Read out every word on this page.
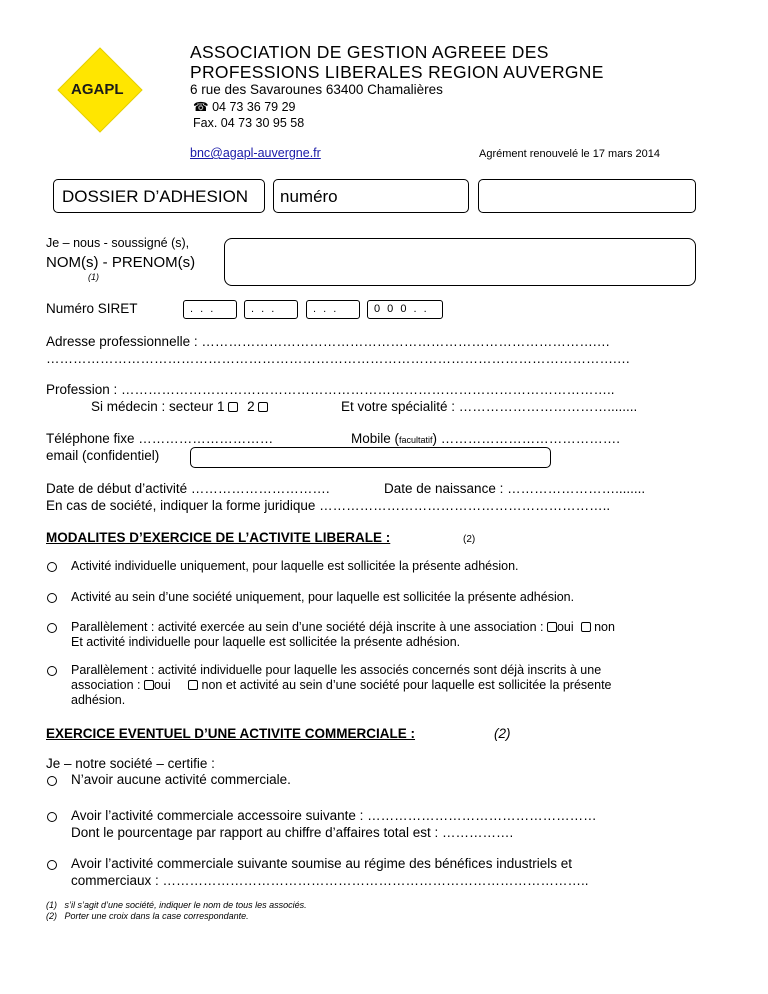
AGAPL
ASSOCIATION DE GESTION AGREEE DES
PROFESSIONS LIBERALES REGION AUVERGNE
6 rue des Savarounes 63400 Chamalières
☎ 04 73 36 79 29
Fax. 04 73 30 95 58
bnc@agapl-auvergne.fr	Agrément renouvelé le 17 mars 2014
DOSSIER D’ADHESION numéro
Je – nous - soussigné (s),
NOM(s) - PRENOM(s)
(1)
Numéro SIRET	. . .	. . .	. . .	0 0 0 . .
Adresse professionnelle : …………………………………………………………………………….…
……………………………………………………………………………………………………………….…
Profession : ………………………………………………………………………………………………..
Si médecin : secteur 1 2	Et votre spécialité : ……………………………........
Téléphone fixe …………………………	Mobile (facultatif) ………………………………….
email (confidentiel)
Date de début d’activité ………………………….	Date de naissance : ……………………........
En cas de société, indiquer la forme juridique ………………………………………………………..
MODALITES D’EXERCICE DE L’ACTIVITE LIBERALE :	(2)
Activité individuelle uniquement, pour laquelle est sollicitée la présente adhésion.
Activité au sein d’une société uniquement, pour laquelle est sollicitée la présente adhésion.
Parallèlement : activité exercée au sein d’une société déjà inscrite à une association : oui non
Et activité individuelle pour laquelle est sollicitée la présente adhésion.
Parallèlement : activité individuelle pour laquelle les associés concernés sont déjà inscrits à une
association : oui non et activité au sein d’une société pour laquelle est sollicitée la présente
adhésion.
EXERCICE EVENTUEL D’UNE ACTIVITE COMMERCIALE :	(2)
Je – notre société – certifie :
N’avoir aucune activité commerciale.
Avoir l’activité commerciale accessoire suivante : ……………………………………………
Dont le pourcentage par rapport au chiffre d’affaires total est : …………….
Avoir l’activité commerciale suivante soumise au régime des bénéfices industriels et
commerciaux : …………………………………………………………………………………..
(1) s’il s’agit d’une société, indiquer le nom de tous les associés.
(2) Porter une croix dans la case correspondante.
